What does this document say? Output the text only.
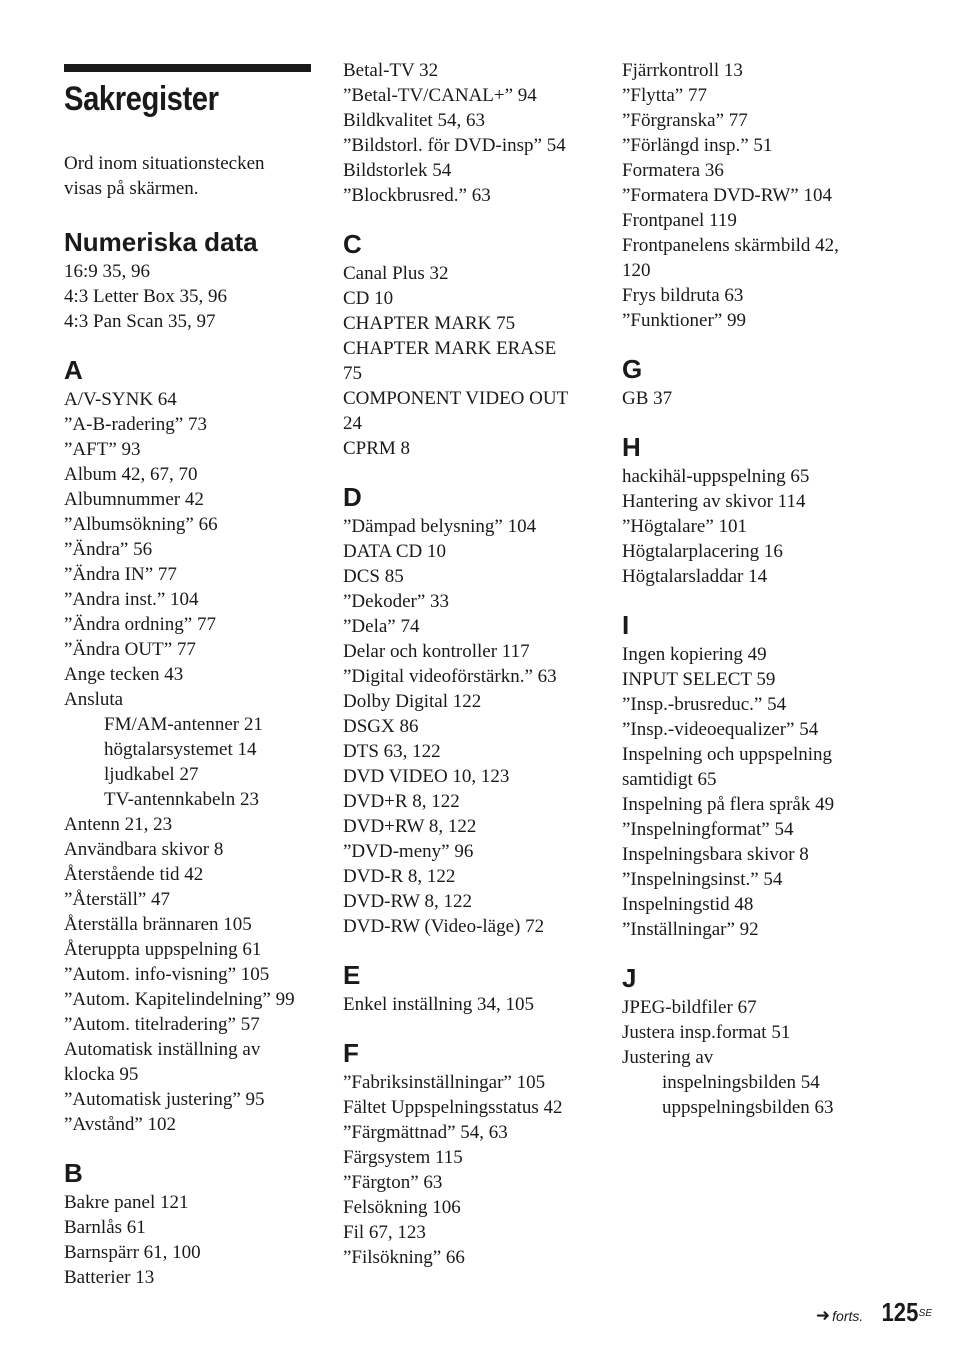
Sakregister
Ord inom situationstecken
visas på skärmen.
Numeriska data
16:9 35, 96
4:3 Letter Box 35, 96
4:3 Pan Scan 35, 97
A
A/V-SYNK 64
”A-B-radering” 73
”AFT” 93
Album 42, 67, 70
Albumnummer 42
”Albumsökning” 66
”Ändra” 56
”Ändra IN” 77
”Andra inst.” 104
”Ändra ordning” 77
”Ändra OUT” 77
Ange tecken 43
Ansluta
FM/AM-antenner 21
högtalarsystemet 14
ljudkabel 27
TV-antennkabeln 23
Antenn 21, 23
Användbara skivor 8
Återstående tid 42
”Återställ” 47
Återställa brännaren 105
Återuppta uppspelning 61
”Autom. info-visning” 105
”Autom. Kapitelindelning” 99
”Autom. titelradering” 57
Automatisk inställning av
klocka 95
”Automatisk justering” 95
”Avstånd” 102
B
Bakre panel 121
Barnlås 61
Barnspärr 61, 100
Batterier 13
Betal-TV 32
”Betal-TV/CANAL+” 94
Bildkvalitet 54, 63
”Bildstorl. för DVD-insp” 54
Bildstorlek 54
”Blockbrusred.” 63
C
Canal Plus 32
CD 10
CHAPTER MARK 75
CHAPTER MARK ERASE
75
COMPONENT VIDEO OUT
24
CPRM 8
D
”Dämpad belysning” 104
DATA CD 10
DCS 85
”Dekoder” 33
”Dela” 74
Delar och kontroller 117
”Digital videoförstärkn.” 63
Dolby Digital 122
DSGX 86
DTS 63, 122
DVD VIDEO 10, 123
DVD+R 8, 122
DVD+RW 8, 122
”DVD-meny” 96
DVD-R 8, 122
DVD-RW 8, 122
DVD-RW (Video-läge) 72
E
Enkel inställning 34, 105
F
”Fabriksinställningar” 105
Fältet Uppspelningsstatus 42
”Färgmättnad” 54, 63
Färgsystem 115
”Färgton” 63
Felsökning 106
Fil 67, 123
”Filsökning” 66
Fjärrkontroll 13
”Flytta” 77
”Förgranska” 77
”Förlängd insp.” 51
Formatera 36
”Formatera DVD-RW” 104
Frontpanel 119
Frontpanelens skärmbild 42,
120
Frys bildruta 63
”Funktioner” 99
G
GB 37
H
hackihäl-uppspelning 65
Hantering av skivor 114
”Högtalare” 101
Högtalarplacering 16
Högtalarsladdar 14
I
Ingen kopiering 49
INPUT SELECT 59
”Insp.-brusreduc.” 54
”Insp.-videoequalizer” 54
Inspelning och uppspelning
samtidigt 65
Inspelning på flera språk 49
”Inspelningformat” 54
Inspelningsbara skivor 8
”Inspelningsinst.” 54
Inspelningstid 48
”Inställningar” 92
J
JPEG-bildfiler 67
Justera insp.format 51
Justering av
inspelningsbilden 54
uppspelningsbilden 63
➜ forts. 125 SE
